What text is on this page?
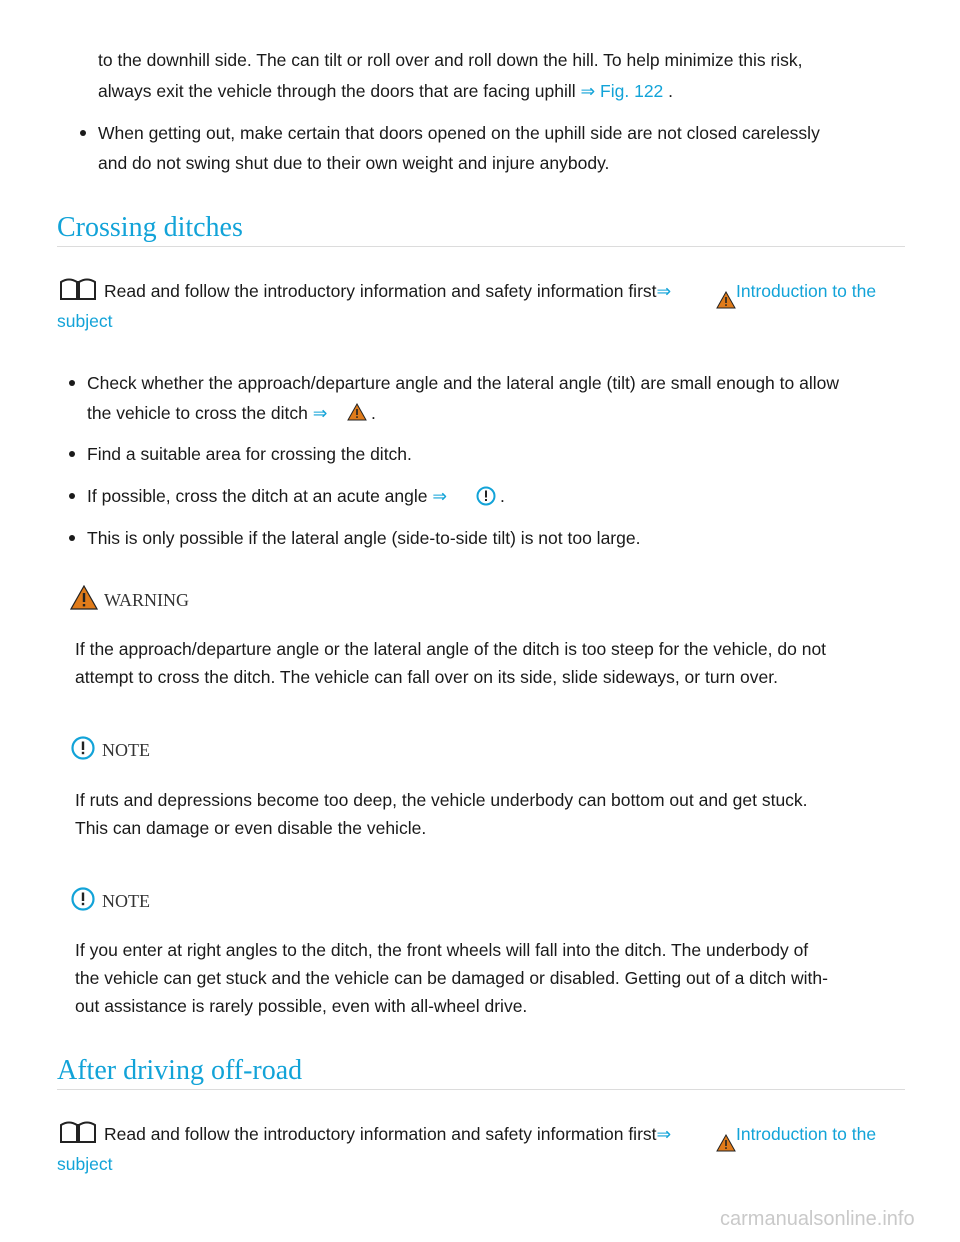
to the downhill side. The can tilt or roll over and roll down the hill. To help minimize this risk,
always exit the vehicle through the doors that are facing uphill ⇒ Fig. 122 .
When getting out, make certain that doors opened on the uphill side are not closed carelessly
and do not swing shut due to their own weight and injure anybody.
Crossing ditches
Read and follow the introductory information and safety information first⇒	Introduction to the
subject
Check whether the approach/departure angle and the lateral angle (tilt) are small enough to allow
the vehicle to cross the ditch ⇒ .
Find a suitable area for crossing the ditch.
If possible, cross the ditch at an acute angle ⇒	.
This is only possible if the lateral angle (side-to-side tilt) is not too large.
WARNING
If the approach/departure angle or the lateral angle of the ditch is too steep for the vehicle, do not
attempt to cross the ditch. The vehicle can fall over on its side, slide sideways, or turn over.
NOTE
If ruts and depressions become too deep, the vehicle underbody can bottom out and get stuck.
This can damage or even disable the vehicle.
NOTE
If you enter at right angles to the ditch, the front wheels will fall into the ditch. The underbody of
the vehicle can get stuck and the vehicle can be damaged or disabled. Getting out of a ditch with-
out assistance is rarely possible, even with all-wheel drive.
After driving off-road
Read and follow the introductory information and safety information first⇒	Introduction to the
subject
carmanualsonline.info
